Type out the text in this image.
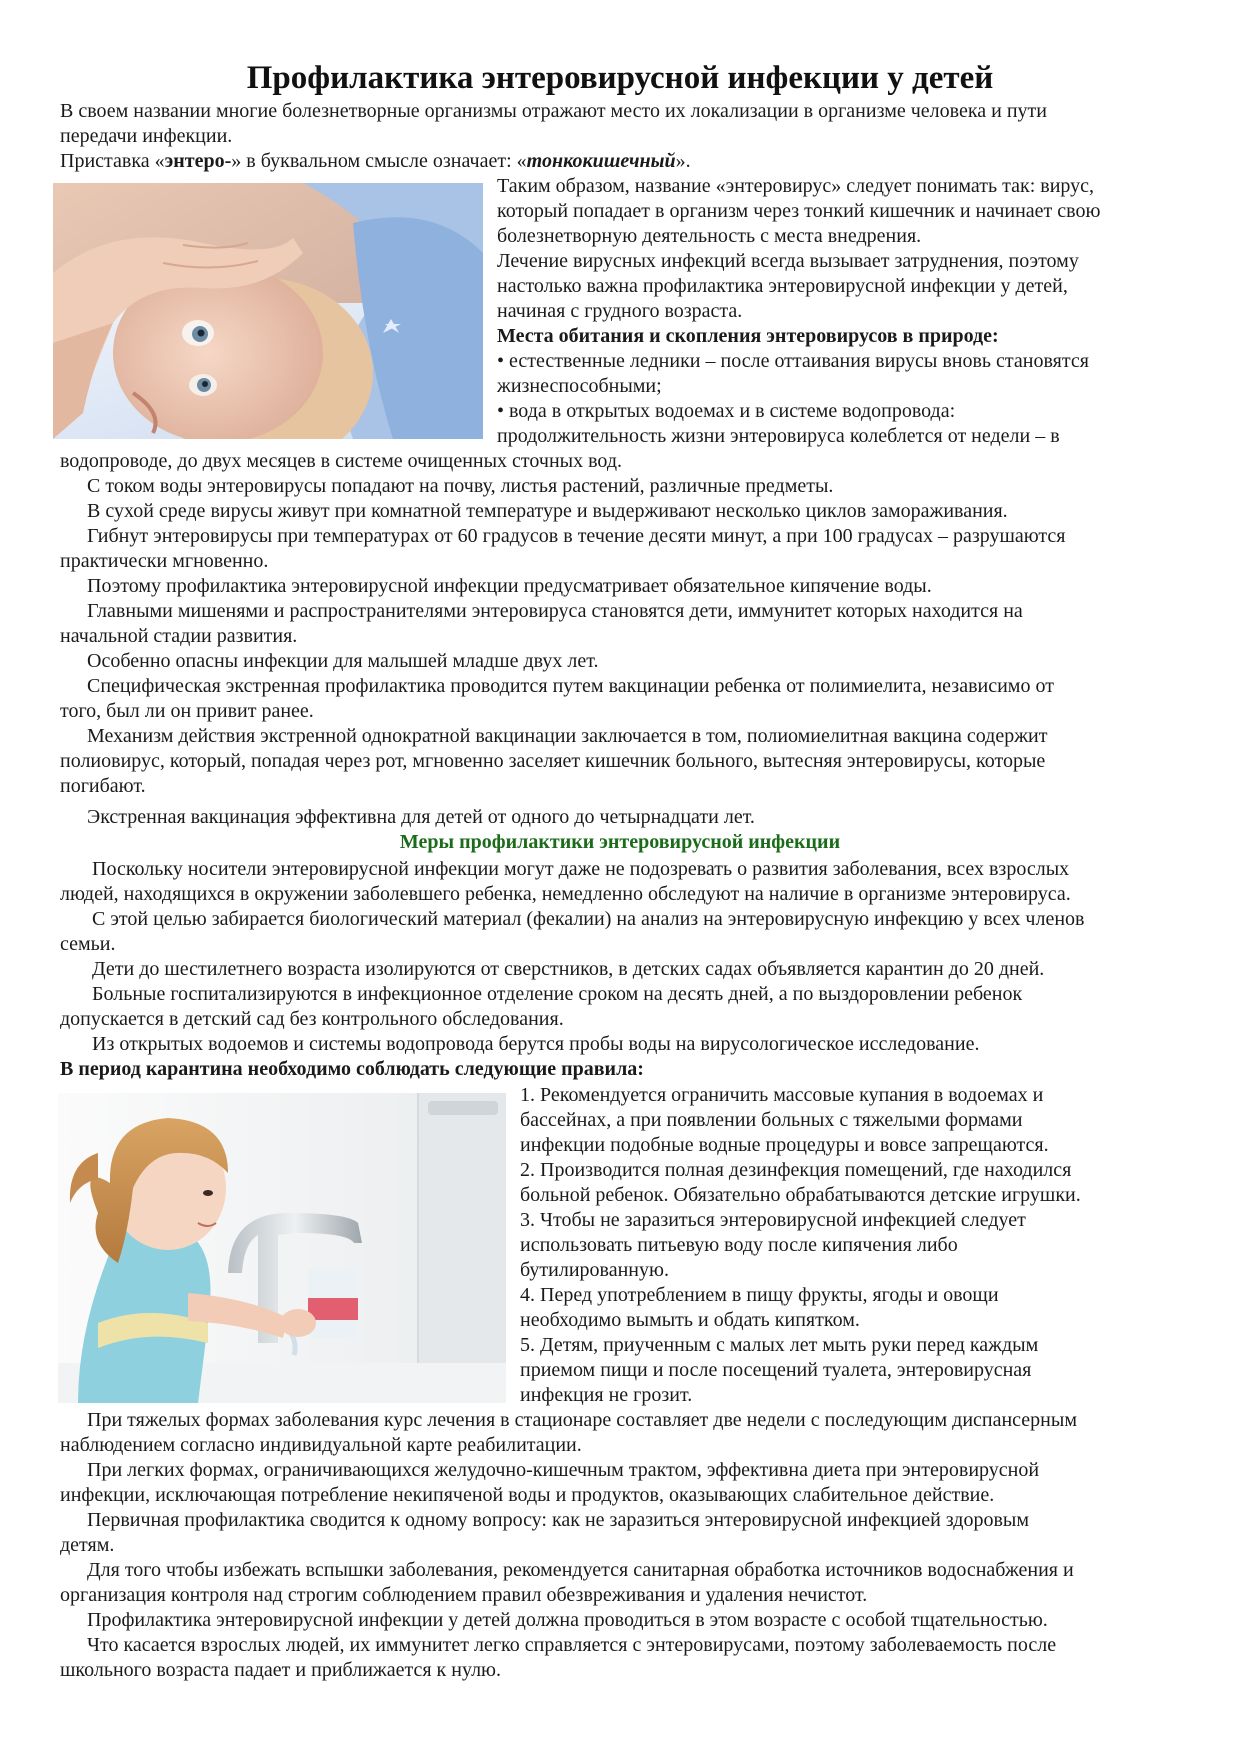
Профилактика энтеровирусной инфекции у детей
В своем названии многие болезнетворные организмы отражают место их локализации в организме человека и пути
передачи инфекции.
Приставка «энтеро-» в буквальном смысле означает: «тонкокишечный».
Таким образом, название «энтеровирус» следует понимать так: вирус,
который попадает в организм через тонкий кишечник и начинает свою
болезнетворную деятельность с места внедрения.
Лечение вирусных инфекций всегда вызывает затруднения, поэтому
настолько важна профилактика энтеровирусной инфекции у детей,
начиная с грудного возраста.
Места обитания и скопления энтеровирусов в природе:
• естественные ледники – после оттаивания вирусы вновь становятся
жизнеспособными;
• вода в открытых водоемах и в системе водопровода:
продолжительность жизни энтеровируса колеблется от недели – в
водопроводе, до двух месяцев в системе очищенных сточных вод.
С током воды энтеровирусы попадают на почву, листья растений, различные предметы.
В сухой среде вирусы живут при комнатной температуре и выдерживают несколько циклов замораживания.
Гибнут энтеровирусы при температурах от 60 градусов в течение десяти минут, а при 100 градусах – разрушаются
практически мгновенно.
Поэтому профилактика энтеровирусной инфекции предусматривает обязательное кипячение воды.
Главными мишенями и распространителями энтеровируса становятся дети, иммунитет которых находится на
начальной стадии развития.
Особенно опасны инфекции для малышей младше двух лет.
Специфическая экстренная профилактика проводится путем вакцинации ребенка от полимиелита, независимо от
того, был ли он привит ранее.
Механизм действия экстренной однократной вакцинации заключается в том, полиомиелитная вакцина содержит
полиовирус, который, попадая через рот, мгновенно заселяет кишечник больного, вытесняя энтеровирусы, которые
погибают.
Экстренная вакцинация эффективна для детей от одного до четырнадцати лет.
Меры профилактики энтеровирусной инфекции
Поскольку носители энтеровирусной инфекции могут даже не подозревать о развития заболевания, всех взрослых
людей, находящихся в окружении заболевшего ребенка, немедленно обследуют на наличие в организме энтеровируса.
С этой целью забирается биологический материал (фекалии) на анализ на энтеровирусную инфекцию у всех членов
семьи.
Дети до шестилетнего возраста изолируются от сверстников, в детских садах объявляется карантин до 20 дней.
Больные госпитализируются в инфекционное отделение сроком на десять дней, а по выздоровлении ребенок
допускается в детский сад без контрольного обследования.
Из открытых водоемов и системы водопровода берутся пробы воды на вирусологическое исследование.
В период карантина необходимо соблюдать следующие правила:
1. Рекомендуется ограничить массовые купания в водоемах и
бассейнах, а при появлении больных с тяжелыми формами
инфекции подобные водные процедуры и вовсе запрещаются.
2. Производится полная дезинфекция помещений, где находился
больной ребенок. Обязательно обрабатываются детские игрушки.
3. Чтобы не заразиться энтеровирусной инфекцией следует
использовать питьевую воду после кипячения либо
бутилированную.
4. Перед употреблением в пищу фрукты, ягоды и овощи
необходимо вымыть и обдать кипятком.
5. Детям, приученным с малых лет мыть руки перед каждым
приемом пищи и после посещений туалета, энтеровирусная
инфекция не грозит.
При тяжелых формах заболевания курс лечения в стационаре составляет две недели с последующим диспансерным
наблюдением согласно индивидуальной карте реабилитации.
При легких формах, ограничивающихся желудочно-кишечным трактом, эффективна диета при энтеровирусной
инфекции, исключающая потребление некипяченой воды и продуктов, оказывающих слабительное действие.
Первичная профилактика сводится к одному вопросу: как не заразиться энтеровирусной инфекцией здоровым
детям.
Для того чтобы избежать вспышки заболевания, рекомендуется санитарная обработка источников водоснабжения и
организация контроля над строгим соблюдением правил обезвреживания и удаления нечистот.
Профилактика энтеровирусной инфекции у детей должна проводиться в этом возрасте с особой тщательностью.
Что касается взрослых людей, их иммунитет легко справляется с энтеровирусами, поэтому заболеваемость после
школьного возраста падает и приближается к нулю.
